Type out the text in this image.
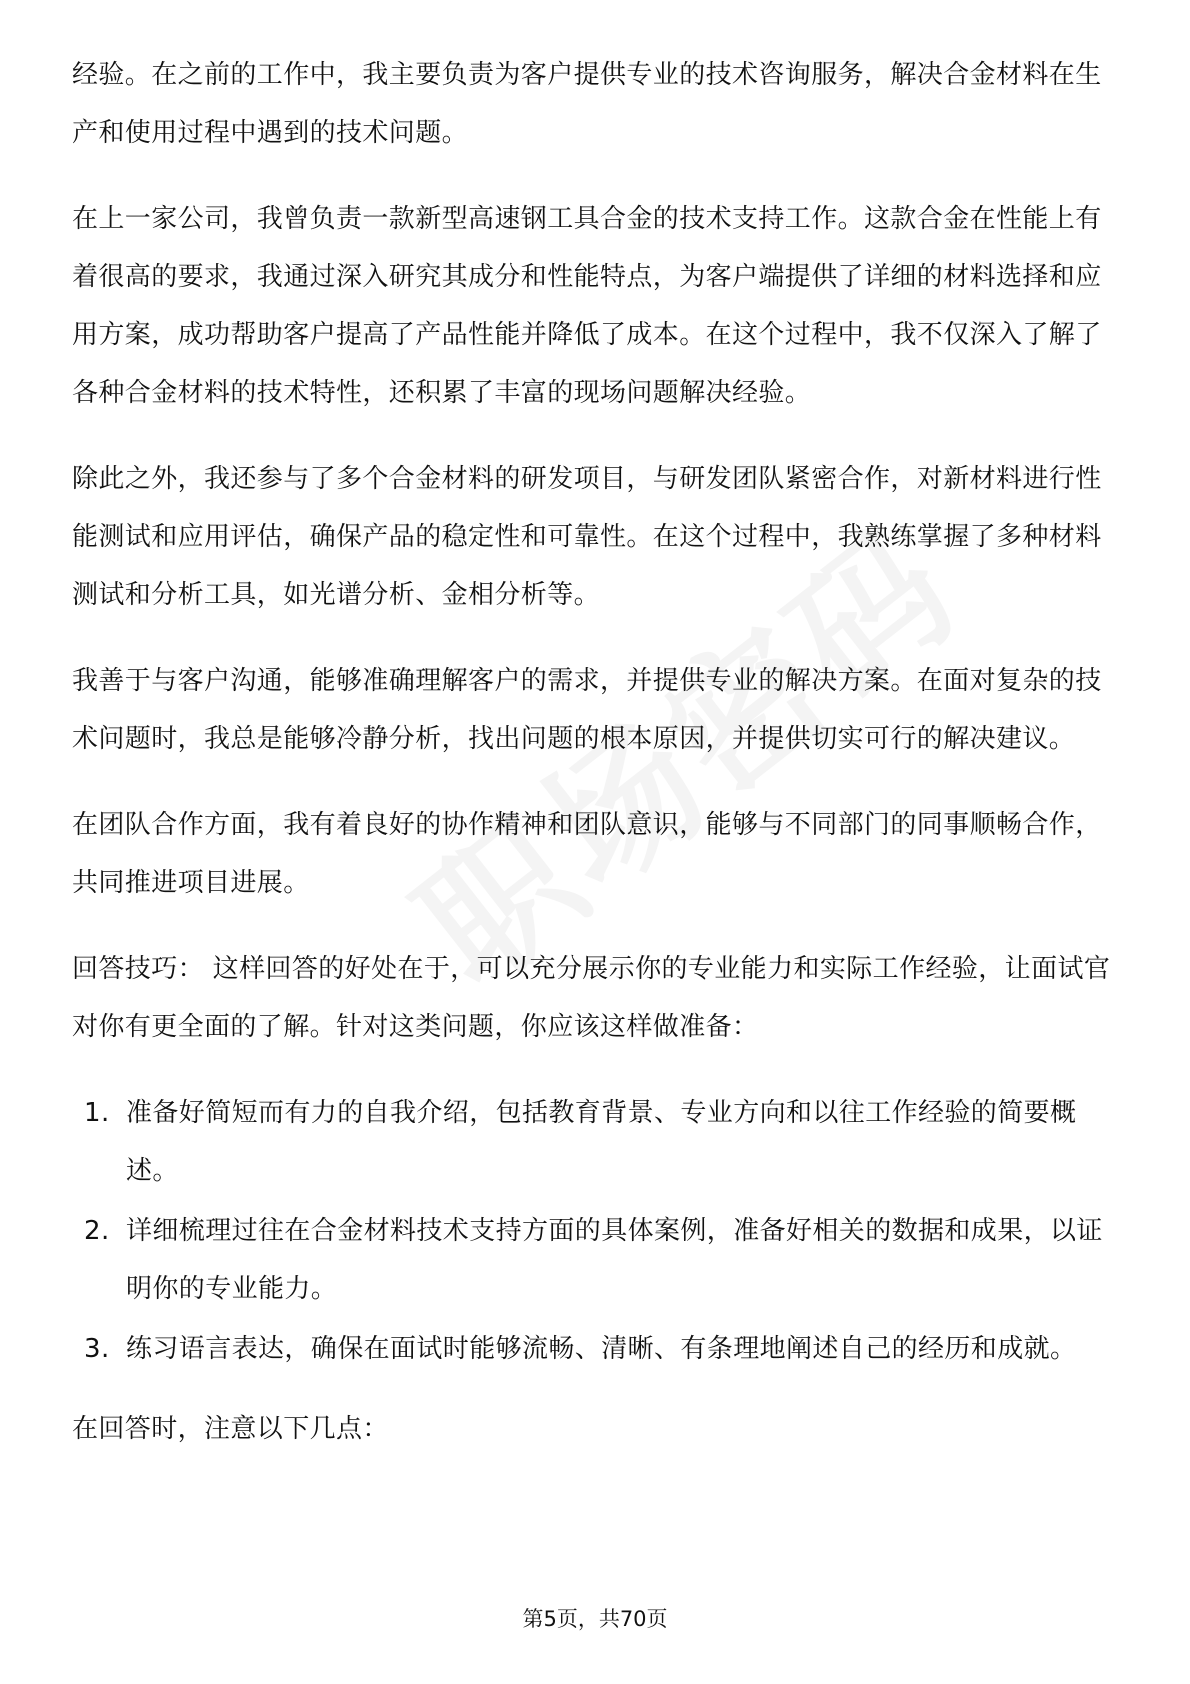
经验。在之前的工作中，我主要负责为客户提供专业的技术咨询服务，解决合金材料在生产和使用过程中遇到的技术问题。

在上一家公司，我曾负责一款新型高速钢工具合金的技术支持工作。这款合金在性能上有着很高的要求，我通过深入研究其成分和性能特点，为客户端提供了详细的材料选择和应用方案，成功帮助客户提高了产品性能并降低了成本。在这个过程中，我不仅深入了解了各种合金材料的技术特性，还积累了丰富的现场问题解决经验。

除此之外，我还参与了多个合金材料的研发项目，与研发团队紧密合作，对新材料进行性能测试和应用评估，确保产品的稳定性和可靠性。在这个过程中，我熟练掌握了多种材料测试和分析工具，如光谱分析、金相分析等。

我善于与客户沟通，能够准确理解客户的需求，并提供专业的解决方案。在面对复杂的技术问题时，我总是能够冷静分析，找出问题的根本原因，并提供切实可行的解决建议。

在团队合作方面，我有着良好的协作精神和团队意识，能够与不同部门的同事顺畅合作，共同推进项目进展。

回答技巧： 这样回答的好处在于，可以充分展示你的专业能力和实际工作经验，让面试官对你有更全面的了解。针对这类问题，你应该这样做准备：

1. 准备好简短而有力的自我介绍，包括教育背景、专业方向和以往工作经验的简要概述。
2. 详细梳理过往在合金材料技术支持方面的具体案例，准备好相关的数据和成果，以证明你的专业能力。
3. 练习语言表达，确保在面试时能够流畅、清晰、有条理地阐述自己的经历和成就。

在回答时，注意以下几点：

第5页，共70页
